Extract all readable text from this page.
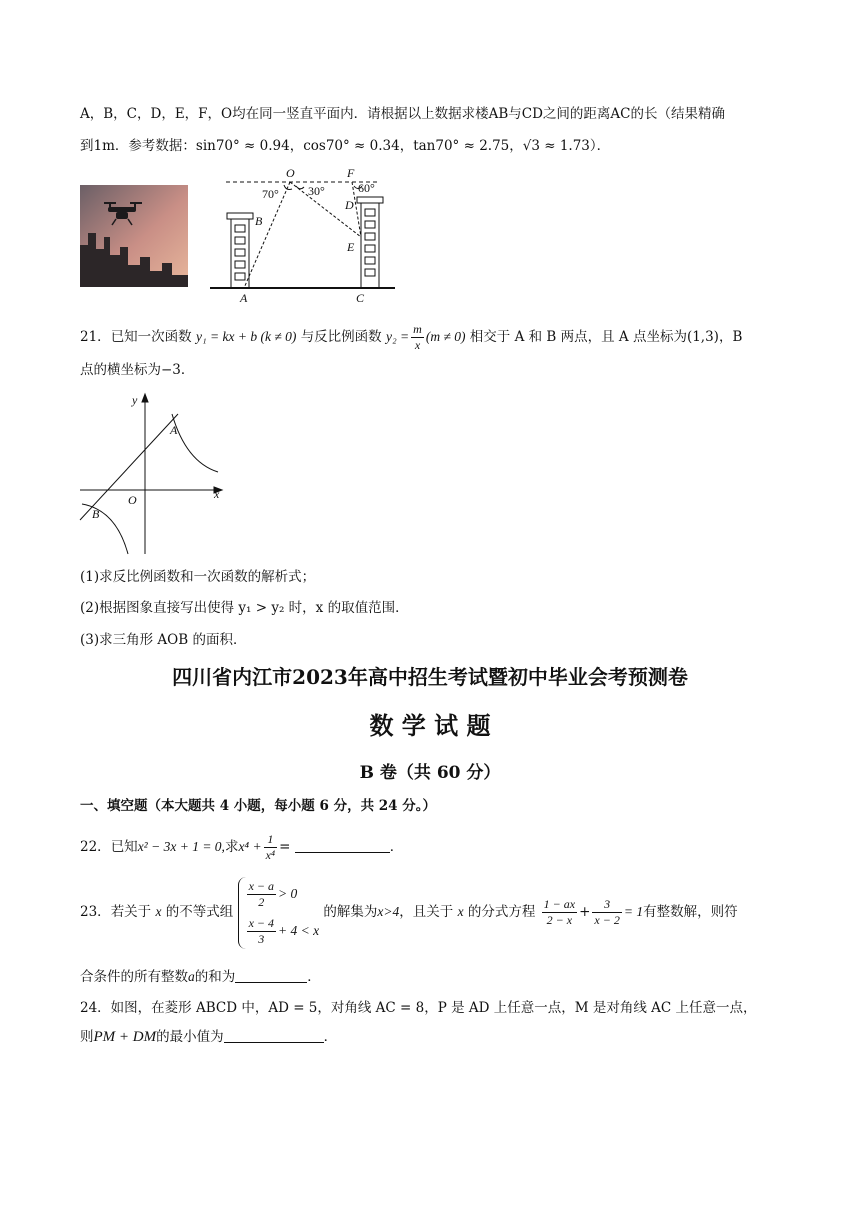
A，B，C，D，E，F，O均在同一竖直平面内．请根据以上数据求楼AB与CD之间的距离AC的长（结果精确
到1m．参考数据：sin70° ≈ 0.94，cos70° ≈ 0.34，tan70° ≈ 2.75，√3 ≈ 1.73）．
O	F
B
D
E
A	C
70° 30°	60°
21．已知一次函数 y₁ = kx + b (k ≠ 0) 与反比例函数 $y_2 = \frac{m}{x} (m \ne 0)$ 相交于 A 和 B 两点，且 A 点坐标为(1,3)，B
点的横坐标为−3．
y
x
O
A
B
(1)求反比例函数和一次函数的解析式；
(2)根据图象直接写出使得 y₁ > y₂ 时，x 的取值范围．
(3)求三角形 AOB 的面积．
四川省内江市2023年高中招生考试暨初中毕业会考预测卷
数 学 试 题
B 卷（共 60 分）
一、填空题（本大题共 4 小题，每小题 6 分，共 24 分。）
22．已知x² − 3x + 1 = 0,求$x^4 + \frac{1}{\text{x⁴}}$ =	．
23．若关于 x 的不等式组
$\frac{x - a}{2} > 0$
$\frac{x - 4}{3} + 4 < x$
的解集为x>4，且关于 x 的分式方程 $\frac{1 - ax}{2 - x} + \frac{3}{x - 2} = 1$有整数解，则符
合条件的所有整数a的和为	．
24．如图，在菱形 ABCD 中，AD = 5，对角线 AC = 8，P 是 AD 上任意一点，M 是对角线 AC 上任意一点，
则PM + DM的最小值为	．
